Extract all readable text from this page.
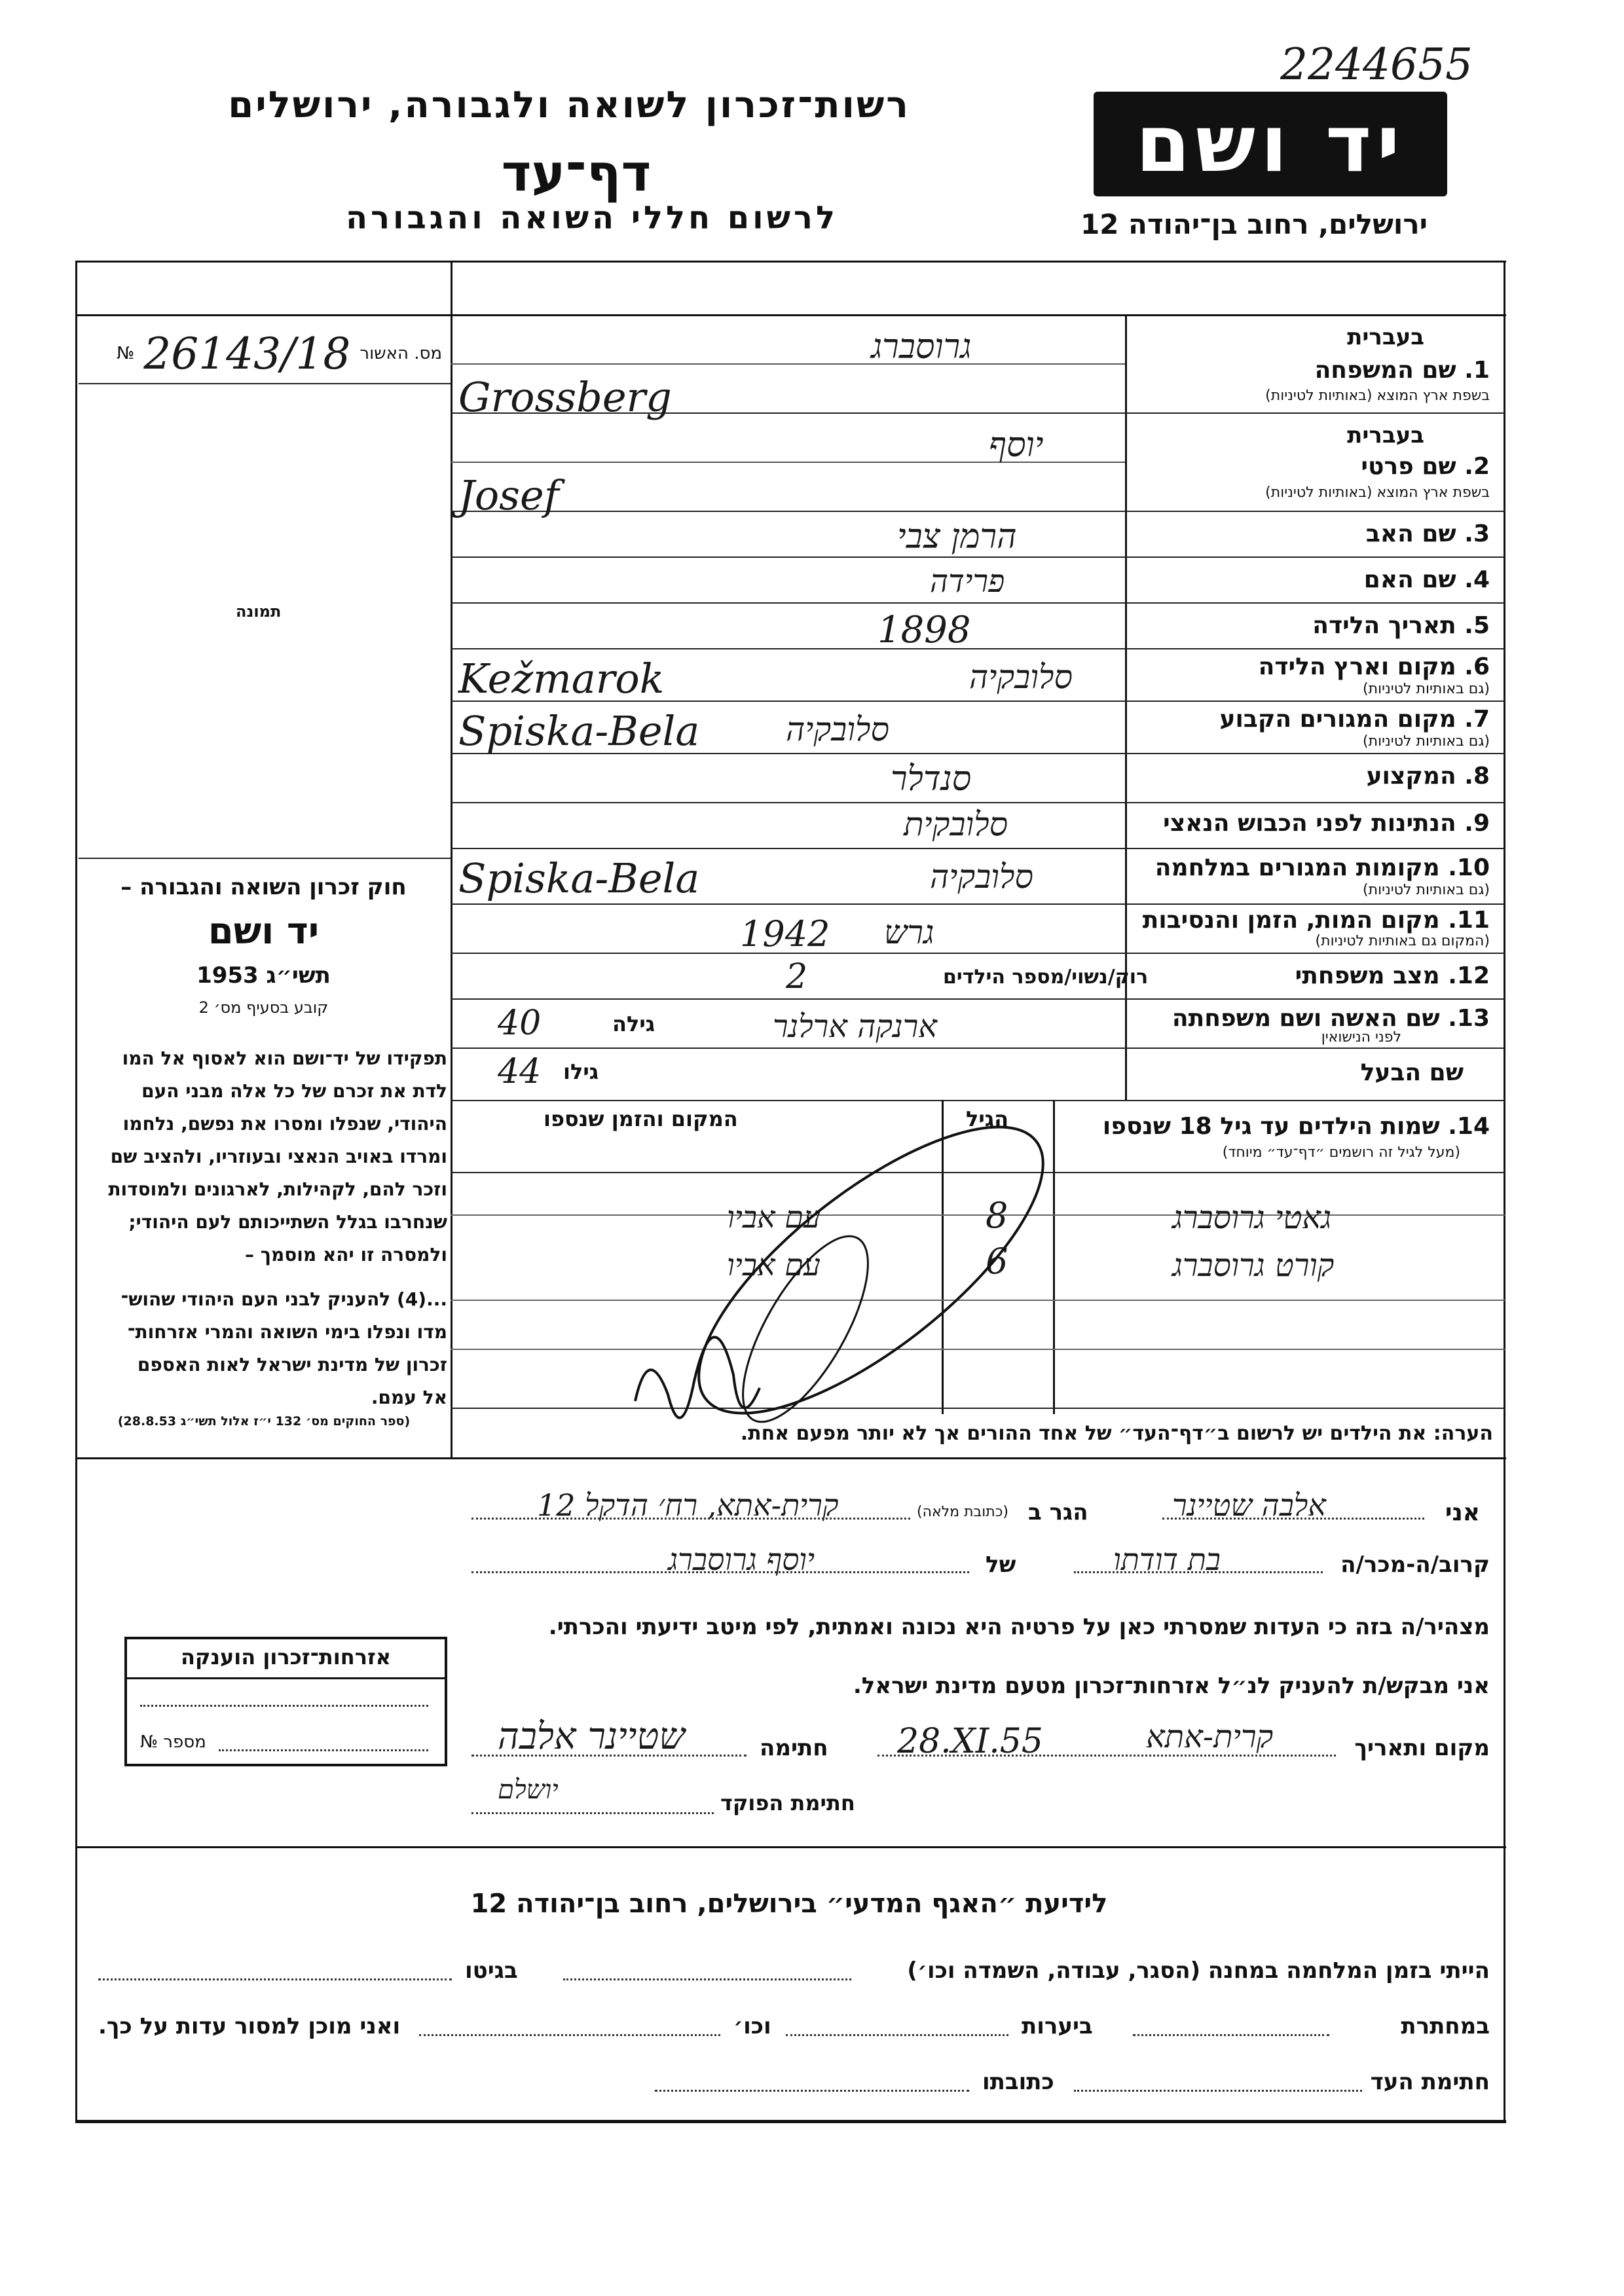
2244655
רשות־זכרון לשואה ולגבורה, ירושלים
דף־עד
לרשום חללי השואה והגבורה
יד ושם
ירושלים, רחוב בן־יהודה 12
מס. האשור
26143/18
№
תמונה
חוק זכרון השואה והגבורה –
יד ושם
תשי״ג 1953
קובע בסעיף מס׳ 2
תפקידו של יד־ושם הוא לאסוף אל המו
לדת את זכרם של כל אלה מבני העם
היהודי, שנפלו ומסרו את נפשם, נלחמו
ומרדו באויב הנאצי ובעוזריו, ולהציב שם
וזכר להם, לקהילות, לארגונים ולמוסדות
שנחרבו בגלל השתייכותם לעם היהודי;
ולמסרה זו יהא מוסמך –
...(4) להעניק לבני העם היהודי שהוש־
מדו ונפלו בימי השואה והמרי אזרחות־
זכרון של מדינת ישראל לאות האספם
אל עמם.
(ספר החוקים מס׳ 132 י״ז אלול תשי״ג 28.8.53)
אזרחות־זכרון הוענקה
מספר №
בעברית
1. שם המשפחה
בשפת ארץ המוצא (באותיות לטיניות)
גרוסברג
Grossberg
בעברית
2. שם פרטי
בשפת ארץ המוצא (באותיות לטיניות)
יוסף
Josef
3. שם האב
הרמן צבי
4. שם האם
פרידה
5. תאריך הלידה
1898
6. מקום וארץ הלידה
(גם באותיות לטיניות)
סלובקיה
Kežmarok
7. מקום המגורים הקבוע
(גם באותיות לטיניות)
סלובקיה
Spiska-Bela
8. המקצוע
סנדלר
9. הנתינות לפני הכבוש הנאצי
סלובקית
10. מקומות המגורים במלחמה
(גם באותיות לטיניות)
סלובקיה
Spiska-Bela
11. מקום המות, הזמן והנסיבות
(המקום גם באותיות לטיניות)
גרש
1942
12. מצב משפחתי
רוק/נשוי/מספר הילדים
2
13. שם האשה ושם משפחתה
לפני הנישואין
ארנקה ארלנר
גילה
40
שם הבעל
גילו
44
14. שמות הילדים עד גיל 18 שנספו
(מעל לגיל זה רושמים ״דף־עד״ מיוחד)
הגיל
המקום והזמן שנספו
גאטי גרוסברג
8
עם אביו
קורט גרוסברג
6
עם אביו
הערה: את הילדים יש לרשום ב״דף־העד״ של אחד ההורים אך לא יותר מפעם אחת.
אני
אלבה שטיינר
הגר ב
(כתובת מלאה)
קרית-אתא, רח׳ הדקל 12
קרוב/ה-מכר/ה
בת דודתו
של
יוסף גרוסברג
מצהיר/ה בזה כי העדות שמסרתי כאן על פרטיה היא נכונה ואמתית, לפי מיטב ידיעתי והכרתי.
אני מבקש/ת להעניק לנ״ל אזרחות־זכרון מטעם מדינת ישראל.
מקום ותאריך
קרית-אתא
28.XI.55
חתימה
שטיינר אלבה
יושלם	חתימת הפוקד
לידיעת ״האגף המדעי״ בירושלים, רחוב בן־יהודה 12
הייתי בזמן המלחמה במחנה (הסגר, עבודה, השמדה וכו׳)
בגיטו
במחתרת
ביערות
וכו׳
ואני מוכן למסור עדות על כך.
חתימת העד
כתובתו
